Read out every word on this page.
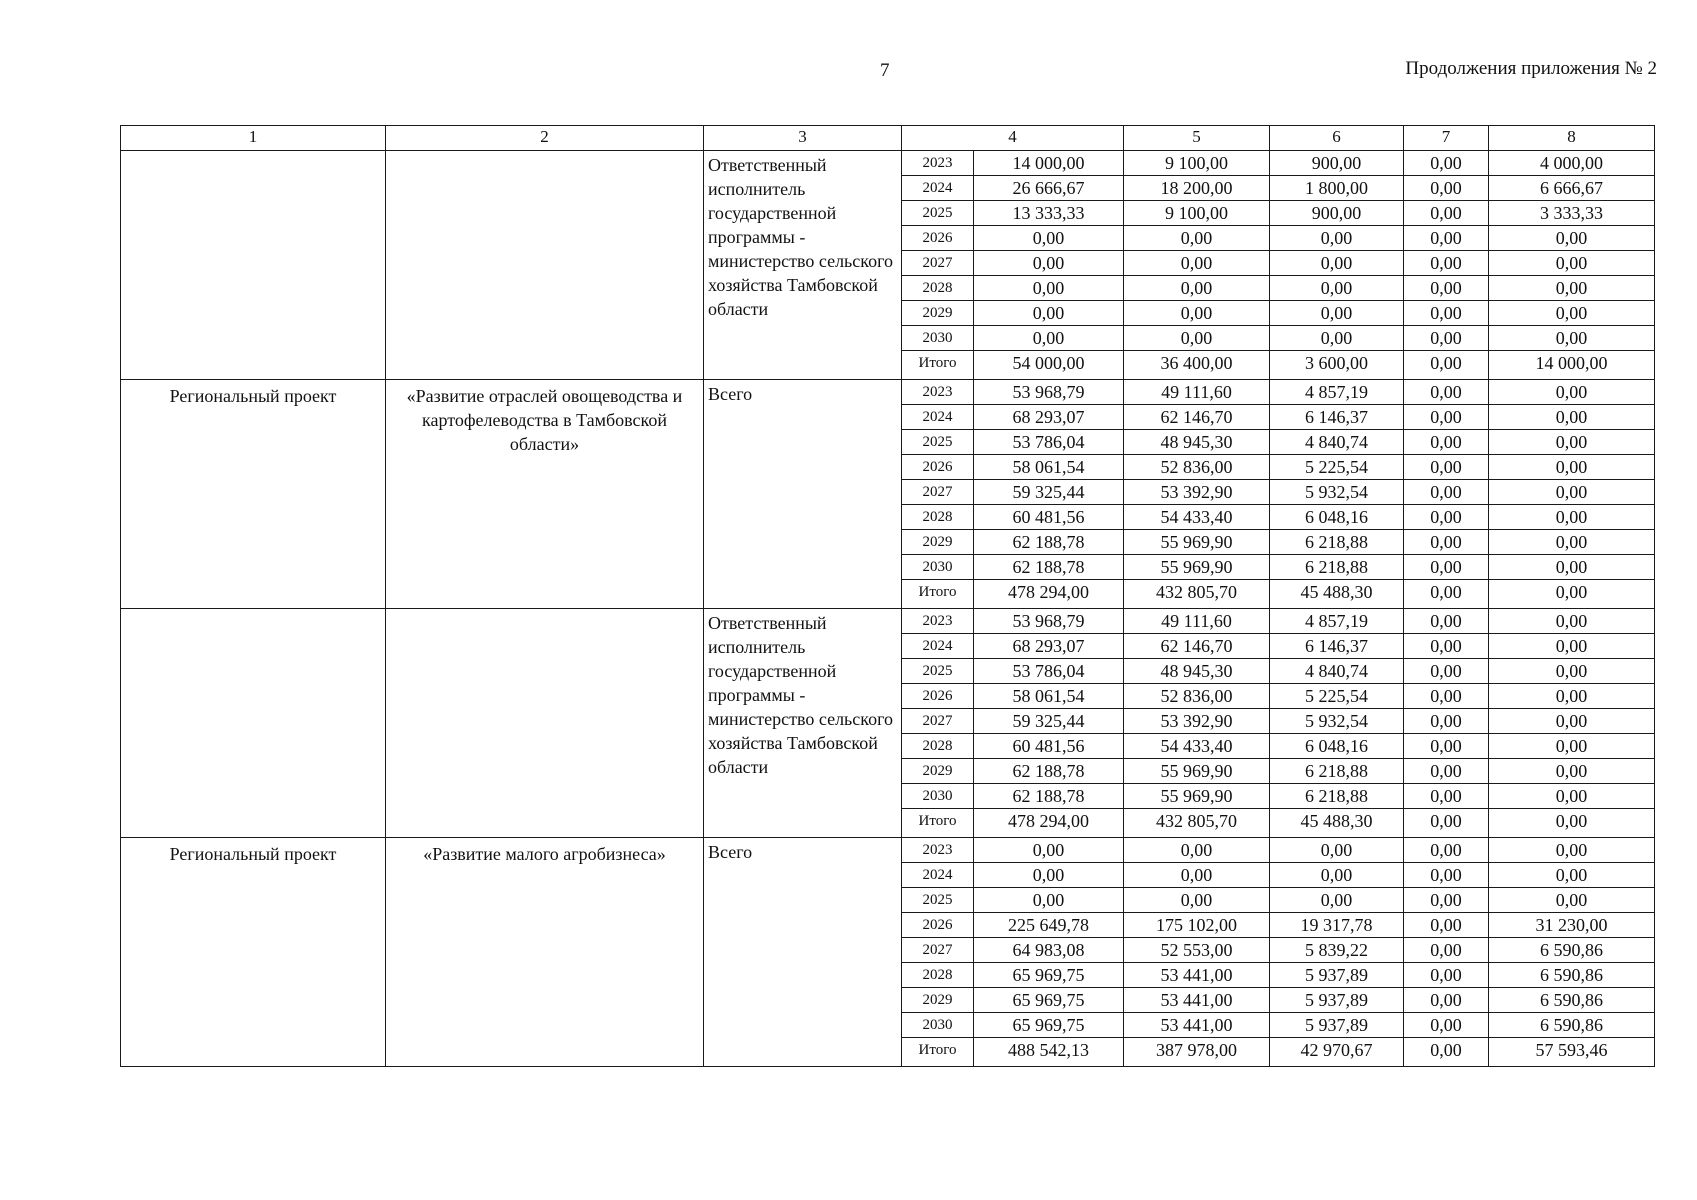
7	Продолжения приложения № 2
1	2	3	4		5	6	7	8
		Ответственный исполнитель государственной программы - министерство сельского хозяйства Тамбовской области	2023	14 000,00	9 100,00	900,00	0,00	4 000,00
			2024	26 666,67	18 200,00	1 800,00	0,00	6 666,67
			2025	13 333,33	9 100,00	900,00	0,00	3 333,33
			2026	0,00	0,00	0,00	0,00	0,00
			2027	0,00	0,00	0,00	0,00	0,00
			2028	0,00	0,00	0,00	0,00	0,00
			2029	0,00	0,00	0,00	0,00	0,00
			2030	0,00	0,00	0,00	0,00	0,00
			Итого	54 000,00	36 400,00	3 600,00	0,00	14 000,00
Региональный проект	«Развитие отраслей овощеводства и картофелеводства в Тамбовской области»	Всего	2023	53 968,79	49 111,60	4 857,19	0,00	0,00
			2024	68 293,07	62 146,70	6 146,37	0,00	0,00
			2025	53 786,04	48 945,30	4 840,74	0,00	0,00
			2026	58 061,54	52 836,00	5 225,54	0,00	0,00
			2027	59 325,44	53 392,90	5 932,54	0,00	0,00
			2028	60 481,56	54 433,40	6 048,16	0,00	0,00
			2029	62 188,78	55 969,90	6 218,88	0,00	0,00
			2030	62 188,78	55 969,90	6 218,88	0,00	0,00
			Итого	478 294,00	432 805,70	45 488,30	0,00	0,00
		Ответственный исполнитель государственной программы - министерство сельского хозяйства Тамбовской области	2023	53 968,79	49 111,60	4 857,19	0,00	0,00
			2024	68 293,07	62 146,70	6 146,37	0,00	0,00
			2025	53 786,04	48 945,30	4 840,74	0,00	0,00
			2026	58 061,54	52 836,00	5 225,54	0,00	0,00
			2027	59 325,44	53 392,90	5 932,54	0,00	0,00
			2028	60 481,56	54 433,40	6 048,16	0,00	0,00
			2029	62 188,78	55 969,90	6 218,88	0,00	0,00
			2030	62 188,78	55 969,90	6 218,88	0,00	0,00
			Итого	478 294,00	432 805,70	45 488,30	0,00	0,00
Региональный проект	«Развитие малого агробизнеса»	Всего	2023	0,00	0,00	0,00	0,00	0,00
			2024	0,00	0,00	0,00	0,00	0,00
			2025	0,00	0,00	0,00	0,00	0,00
			2026	225 649,78	175 102,00	19 317,78	0,00	31 230,00
			2027	64 983,08	52 553,00	5 839,22	0,00	6 590,86
			2028	65 969,75	53 441,00	5 937,89	0,00	6 590,86
			2029	65 969,75	53 441,00	5 937,89	0,00	6 590,86
			2030	65 969,75	53 441,00	5 937,89	0,00	6 590,86
			Итого	488 542,13	387 978,00	42 970,67	0,00	57 593,46
